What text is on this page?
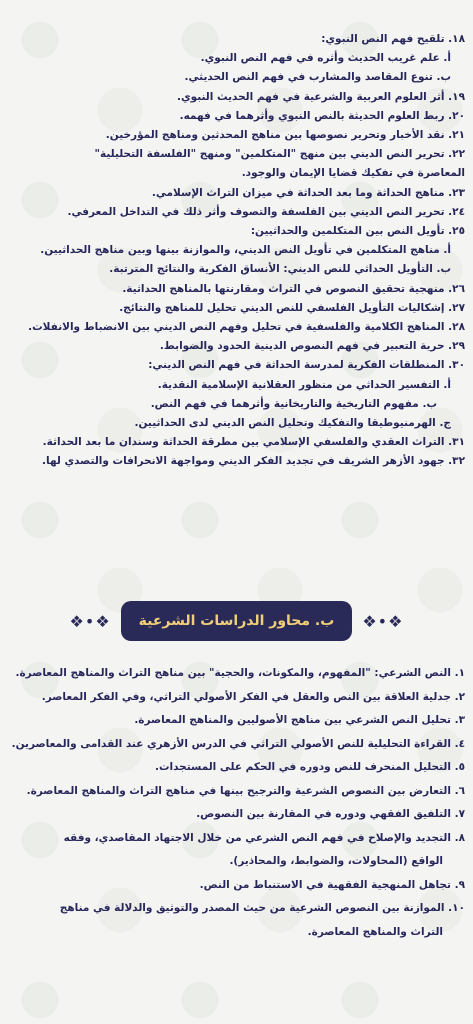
١٨. تلقيح فهم النص النبوي:
أ. علم غريب الحديث وأثره في فهم النص النبوي.
ب. تنوع المقاصد والمشارب في فهم النص الحديثي.
١٩. أثر العلوم العربية والشرعية في فهم الحديث النبوي.
٢٠. ربط العلوم الحديثة بالنص النبوي وأثرهما في فهمه.
٢١. نقد الأخبار وتحرير نصوصها بين مناهج المحدثين ومناهج المؤرخين.
٢٢. تحرير النص الديني بين منهج "المتكلمين" ومنهج "الفلسفة التحليلية"
المعاصرة في تفكيك قضايا الإيمان والوجود.
٢٣. مناهج الحداثة وما بعد الحداثة في ميزان التراث الإسلامي.
٢٤. تحرير النص الديني بين الفلسفة والتصوف وأثر ذلك في التداخل المعرفي.
٢٥. تأويل النص بين المتكلمين والحداثيين:
أ. مناهج المتكلمين في تأويل النص الديني، والموازنة بينها وبين مناهج الحداثيين.
ب. التأويل الحداثي للنص الديني: الأنساق الفكرية والنتائج المترتبة.
٢٦. منهجية تحقيق النصوص في التراث ومقارنتها بالمناهج الحداثية.
٢٧. إشكاليات التأويل الفلسفي للنص الديني تحليل للمناهج والنتائج.
٢٨. المناهج الكلامية والفلسفية في تحليل وفهم النص الديني بين الانضباط والانفلات.
٢٩. حرية التعبير في فهم النصوص الدينية الحدود والضوابط.
٣٠. المنطلقات الفكرية لمدرسة الحداثة في فهم النص الديني:
أ. التفسير الحداثي من منظور العقلانية الإسلامية النقدية.
ب. مفهوم التاريخية والتاريخانية وأثرهما في فهم النص.
ج. الهرمنيوطيقا والتفكيك وتحليل النص الديني لدى الحداثيين.
٣١. التراث العقدي والفلسفي الإسلامي بين مطرقة الحداثة وسندان ما بعد الحداثة.
٣٢. جهود الأزهر الشريف في تجديد الفكر الديني ومواجهة الانحرافات والتصدي لها.
❖•❖	ب. محاور الدراسات الشرعية	❖•❖
١. النص الشرعي: "المفهوم، والمكونات، والحجية" بين مناهج التراث والمناهج المعاصرة.
٢. جدلية العلاقة بين النص والعقل في الفكر الأصولي التراثي، وفي الفكر المعاصر.
٣. تحليل النص الشرعي بين مناهج الأصوليين والمناهج المعاصرة.
٤. القراءة التحليلية للنص الأصولي التراثي في الدرس الأزهري عند القدامى والمعاصرين.
٥. التحليل المنحرف للنص ودوره في الحكم على المستجدات.
٦. التعارض بين النصوص الشرعية والترجيح بينها في مناهج التراث والمناهج المعاصرة.
٧. التلفيق الفقهي ودوره في المقارنة بين النصوص.
٨. التجديد والإصلاح في فهم النص الشرعي من خلال الاجتهاد المقاصدي، وفقه
الواقع (المحاولات، والضوابط، والمحاذير).
٩. تجاهل المنهجية الفقهية في الاستنباط من النص.
١٠. الموازنة بين النصوص الشرعية من حيث المصدر والتوثيق والدلالة في مناهج
التراث والمناهج المعاصرة.
